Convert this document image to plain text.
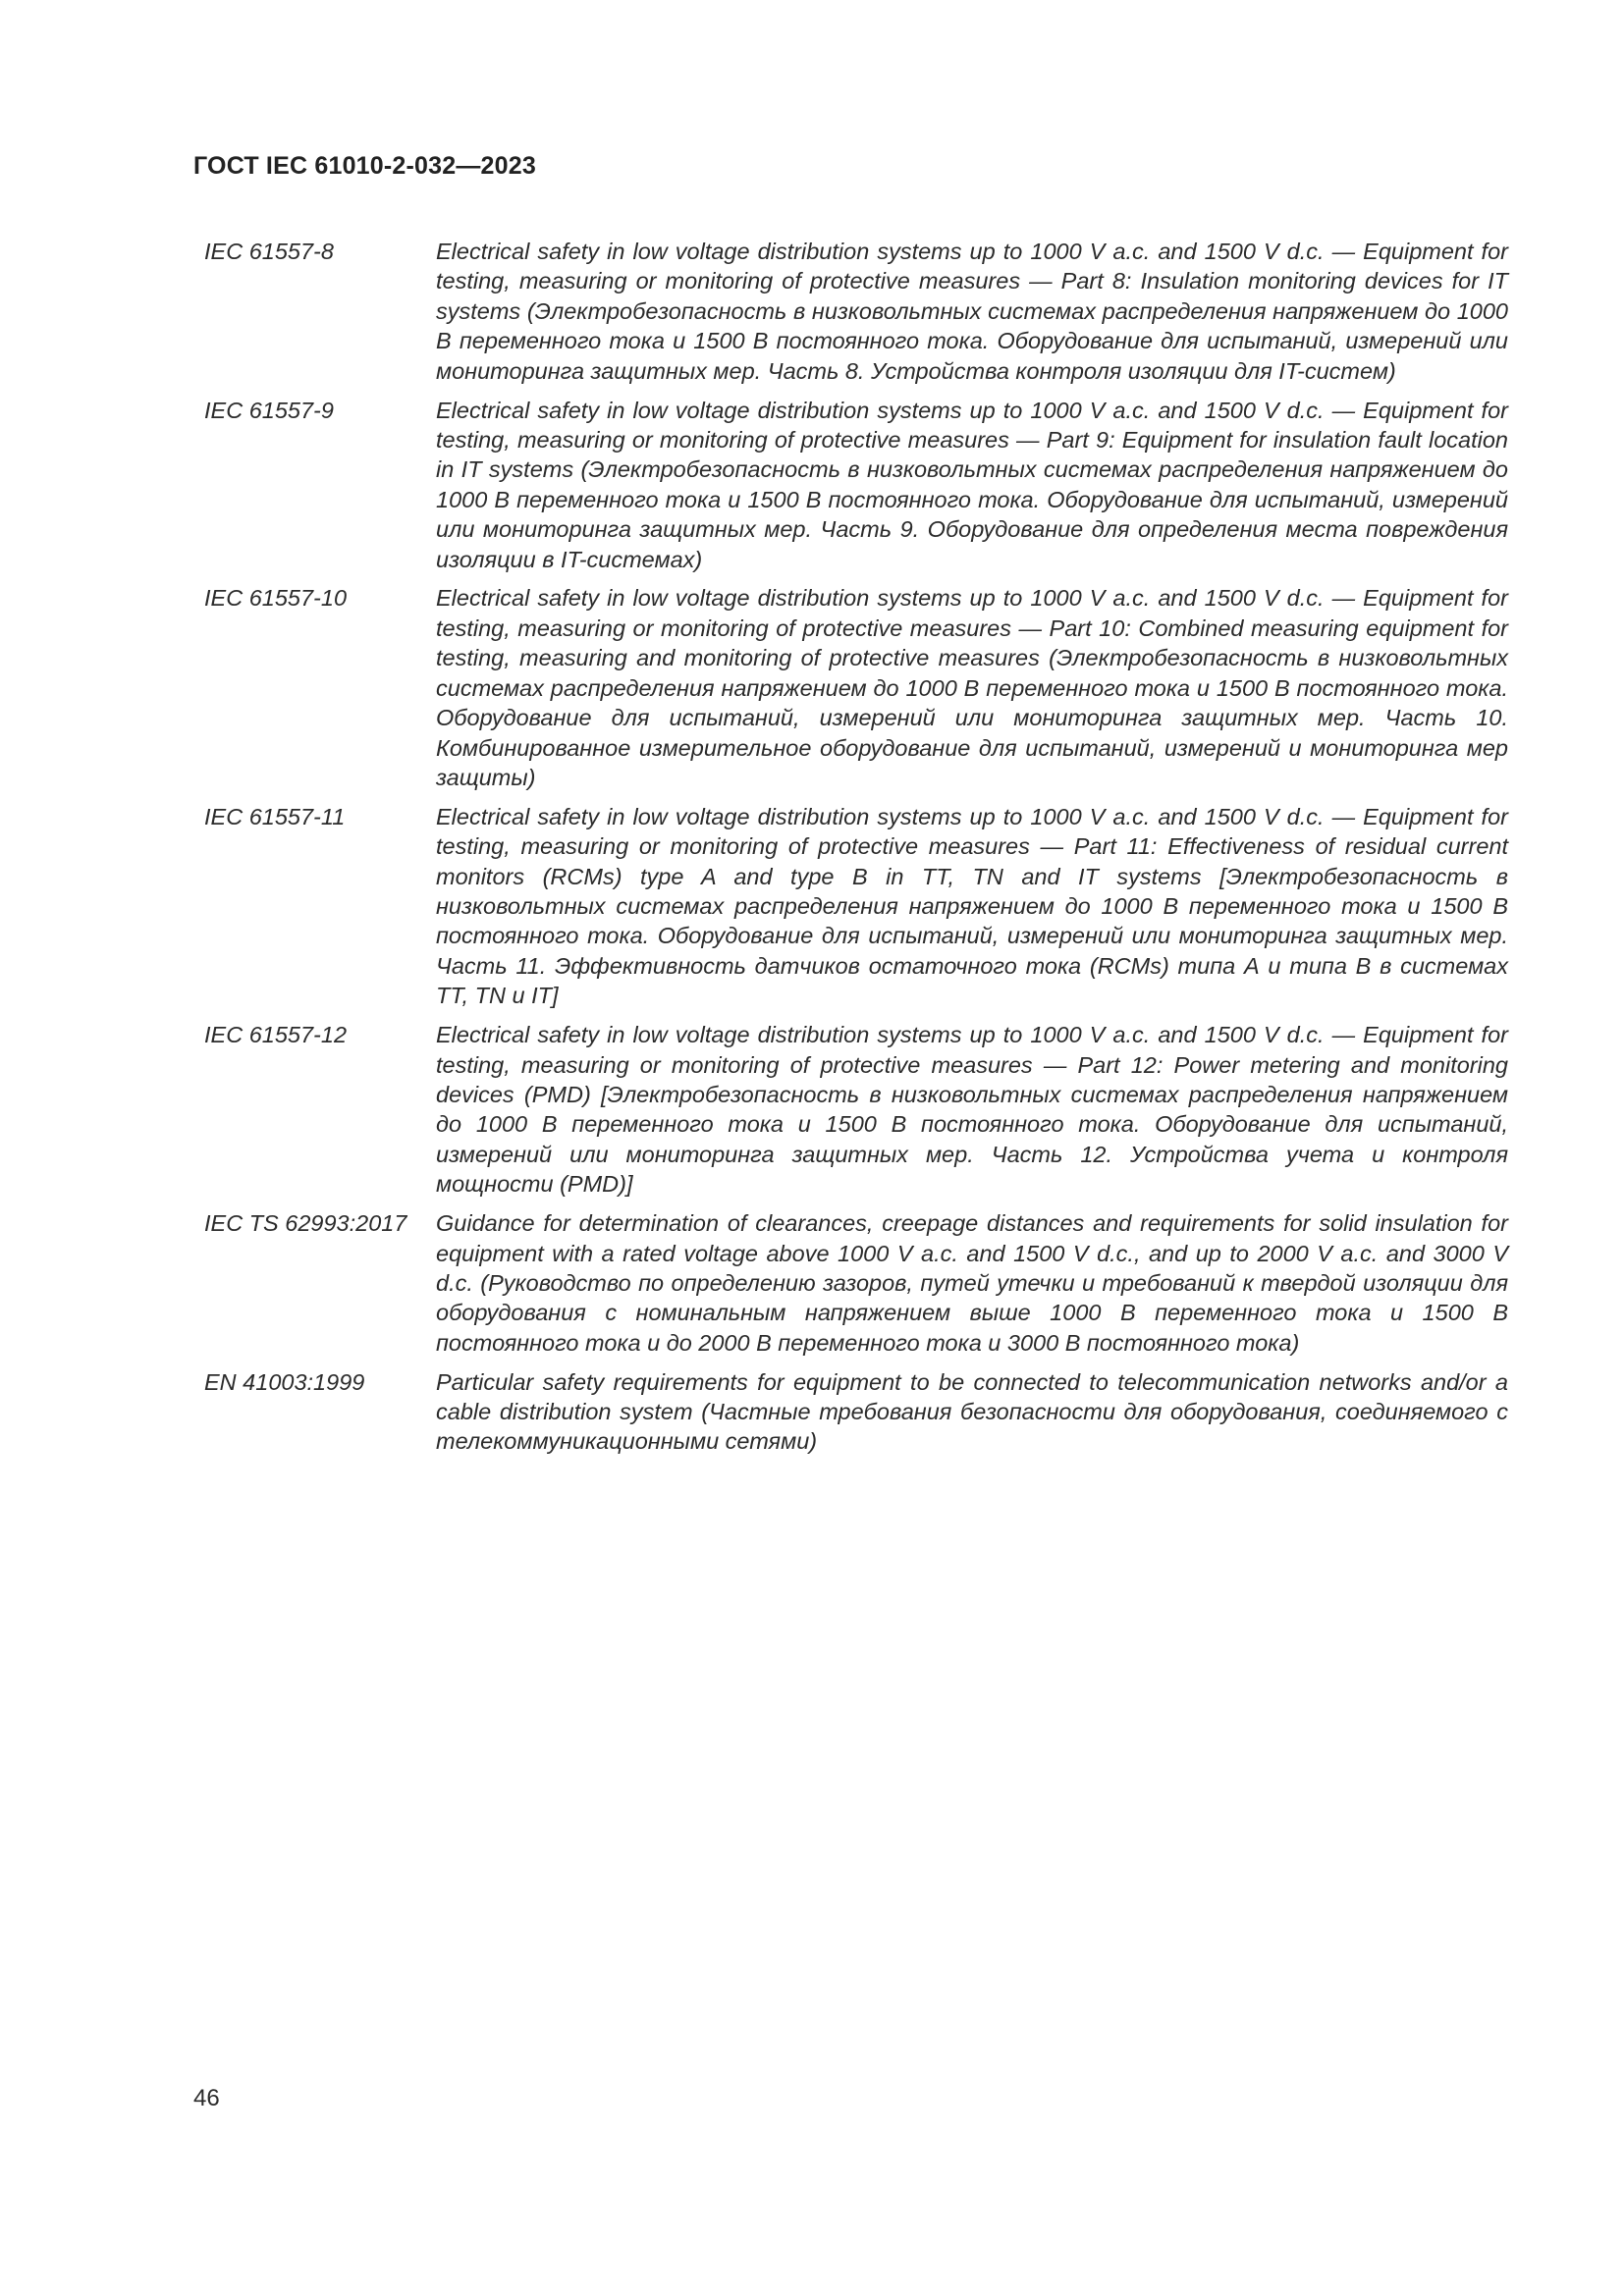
ГОСТ IEC 61010-2-032—2023
IEC 61557-8	Electrical safety in low voltage distribution systems up to 1000 V a.c. and 1500 V d.c. — Equipment for testing, measuring or monitoring of protective measures — Part 8: Insulation monitoring devices for IT systems (Электробезопасность в низковольтных системах распределения напряжением до 1000 В переменного тока и 1500 В постоянного тока. Оборудование для испытаний, измерений или мониторинга защитных мер. Часть 8. Устройства контроля изоляции для IT-систем)
IEC 61557-9	Electrical safety in low voltage distribution systems up to 1000 V a.c. and 1500 V d.c. — Equipment for testing, measuring or monitoring of protective measures — Part 9: Equipment for insulation fault location in IT systems (Электробезопасность в низковольтных системах распределения напряжением до 1000 В переменного тока и 1500 В постоянного тока. Оборудование для испытаний, измерений или мониторинга защитных мер. Часть 9. Оборудование для определения места повреждения изоляции в IT-системах)
IEC 61557-10	Electrical safety in low voltage distribution systems up to 1000 V a.c. and 1500 V d.c. — Equipment for testing, measuring or monitoring of protective measures — Part 10: Combined measuring equipment for testing, measuring and monitoring of protective measures (Электробезопасность в низковольтных системах распределения напряжением до 1000 В переменного тока и 1500 В постоянного тока. Оборудование для испытаний, измерений или мониторинга защитных мер. Часть 10. Комбинированное измерительное оборудование для испытаний, измерений и мониторинга мер защиты)
IEC 61557-11	Electrical safety in low voltage distribution systems up to 1000 V a.c. and 1500 V d.c. — Equipment for testing, measuring or monitoring of protective measures — Part 11: Effectiveness of residual current monitors (RCMs) type A and type B in TT, TN and IT systems [Электробезопасность в низковольтных системах распределения напряжением до 1000 В переменного тока и 1500 В постоянного тока. Оборудование для испытаний, измерений или мониторинга защитных мер. Часть 11. Эффективность датчиков остаточного тока (RCMs) типа А и типа В в системах TT, TN и IT]
IEC 61557-12	Electrical safety in low voltage distribution systems up to 1000 V a.c. and 1500 V d.c. — Equipment for testing, measuring or monitoring of protective measures — Part 12: Power metering and monitoring devices (PMD) [Электробезопасность в низковольтных системах распределения напряжением до 1000 В переменного тока и 1500 В постоянного тока. Оборудование для испытаний, измерений или мониторинга защитных мер. Часть 12. Устройства учета и контроля мощности (PMD)]
IEC TS 62993:2017	Guidance for determination of clearances, creepage distances and requirements for solid insulation for equipment with a rated voltage above 1000 V a.c. and 1500 V d.c., and up to 2000 V a.c. and 3000 V d.c. (Руководство по определению зазоров, путей утечки и требований к твердой изоляции для оборудования с номинальным напряжением выше 1000 В переменного тока и 1500 В постоянного тока и до 2000 В переменного тока и 3000 В постоянного тока)
EN 41003:1999	Particular safety requirements for equipment to be connected to telecommunication networks and/or a cable distribution system (Частные требования безопасности для оборудования, соединяемого с телекоммуникационными сетями)
46
